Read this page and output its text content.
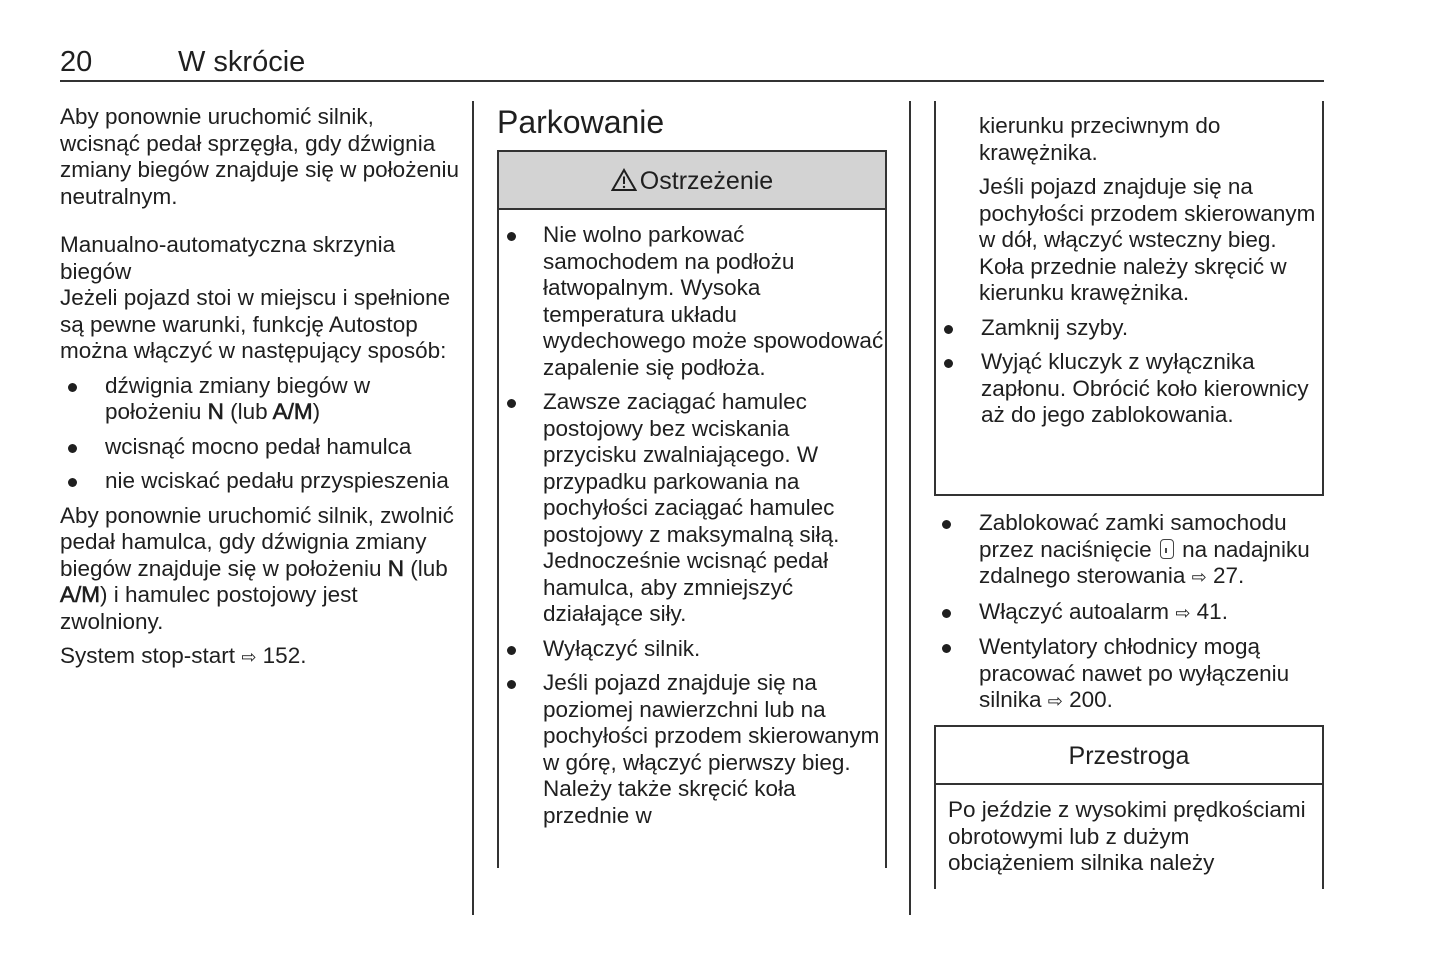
20	W skrócie

Aby ponownie uruchomić silnik, wcisnąć pedał sprzęgła, gdy dźwignia zmiany biegów znajduje się w położeniu neutralnym.

Manualno-automatyczna skrzynia biegów

Jeżeli pojazd stoi w miejscu i spełnione są pewne warunki, funkcję Autostop można włączyć w następujący sposób:

dźwignia zmiany biegów w położeniu N (lub A/M)
wcisnąć mocno pedał hamulca
nie wciskać pedału przyspieszenia

Aby ponownie uruchomić silnik, zwolnić pedał hamulca, gdy dźwignia zmiany biegów znajduje się w położeniu N (lub A/M) i hamulec postojowy jest zwolniony.

System stop-start ⇨ 152.

Parkowanie

Ostrzeżenie
Nie wolno parkować samochodem na podłożu łatwopalnym. Wysoka temperatura układu wydechowego może spowodować zapalenie się podłoża.
Zawsze zaciągać hamulec postojowy bez wciskania przycisku zwalniającego. W przypadku parkowania na pochyłości zaciągać hamulec postojowy z maksymalną siłą. Jednocześnie wcisnąć pedał hamulca, aby zmniejszyć działające siły.
Wyłączyć silnik.
Jeśli pojazd znajduje się na poziomej nawierzchni lub na pochyłości przodem skierowanym w górę, włączyć pierwszy bieg. Należy także skręcić koła przednie w

kierunku przeciwnym do krawężnika.

Jeśli pojazd znajduje się na pochyłości przodem skierowanym w dół, włączyć wsteczny bieg. Koła przednie należy skręcić w kierunku krawężnika.

Zamknij szyby.
Wyjąć kluczyk z wyłącznika zapłonu. Obrócić koło kierownicy aż do jego zablokowania.
Zablokować zamki samochodu przez naciśnięcie  na nadajniku zdalnego sterowania ⇨ 27.
Włączyć autoalarm ⇨ 41.
Wentylatory chłodnicy mogą pracować nawet po wyłączeniu silnika ⇨ 200.
Przestroga
Po jeździe z wysokimi prędkościami obrotowymi lub z dużym obciążeniem silnika należy
